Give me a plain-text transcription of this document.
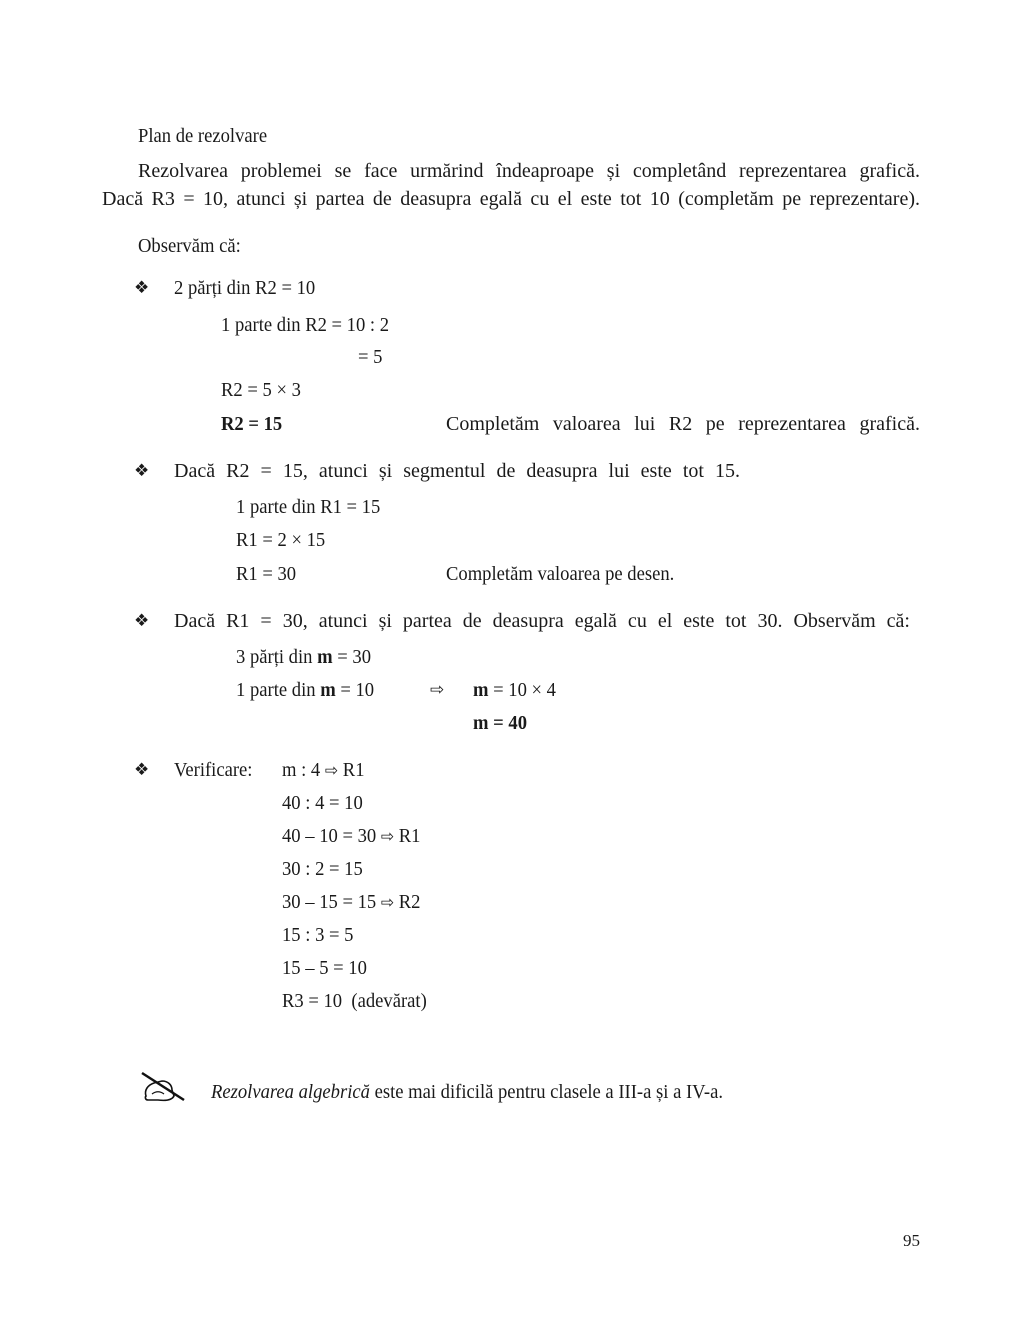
Plan de rezolvare
Rezolvarea problemei se face urmărind îndeaproape și completând reprezentarea grafică.
Dacă R3 = 10, atunci și partea de deasupra egală cu el este tot 10 (completăm pe reprezentare).
Observăm că:
❖ 2 părți din R2 = 10
1 parte din R2 = 10 : 2
= 5
R2 = 5 × 3
R2 = 15	Completăm valoarea lui R2 pe reprezentarea grafică.
❖ Dacă R2 = 15, atunci și segmentul de deasupra lui este tot 15.
1 parte din R1 = 15
R1 = 2 × 15
R1 = 30	Completăm valoarea pe desen.
❖ Dacă R1 = 30, atunci și partea de deasupra egală cu el este tot 30. Observăm că:
3 părți din m = 30
1 parte din m = 10	⇨ m = 10 × 4
m = 40
❖ Verificare: m : 4 ⇨ R1
40 : 4 = 10
40 – 10 = 30 ⇨ R1
30 : 2 = 15
30 – 15 = 15 ⇨ R2
15 : 3 = 5
15 – 5 = 10
R3 = 10  (adevărat)
Rezolvarea algebrică este mai dificilă pentru clasele a III-a și a IV-a.
95
